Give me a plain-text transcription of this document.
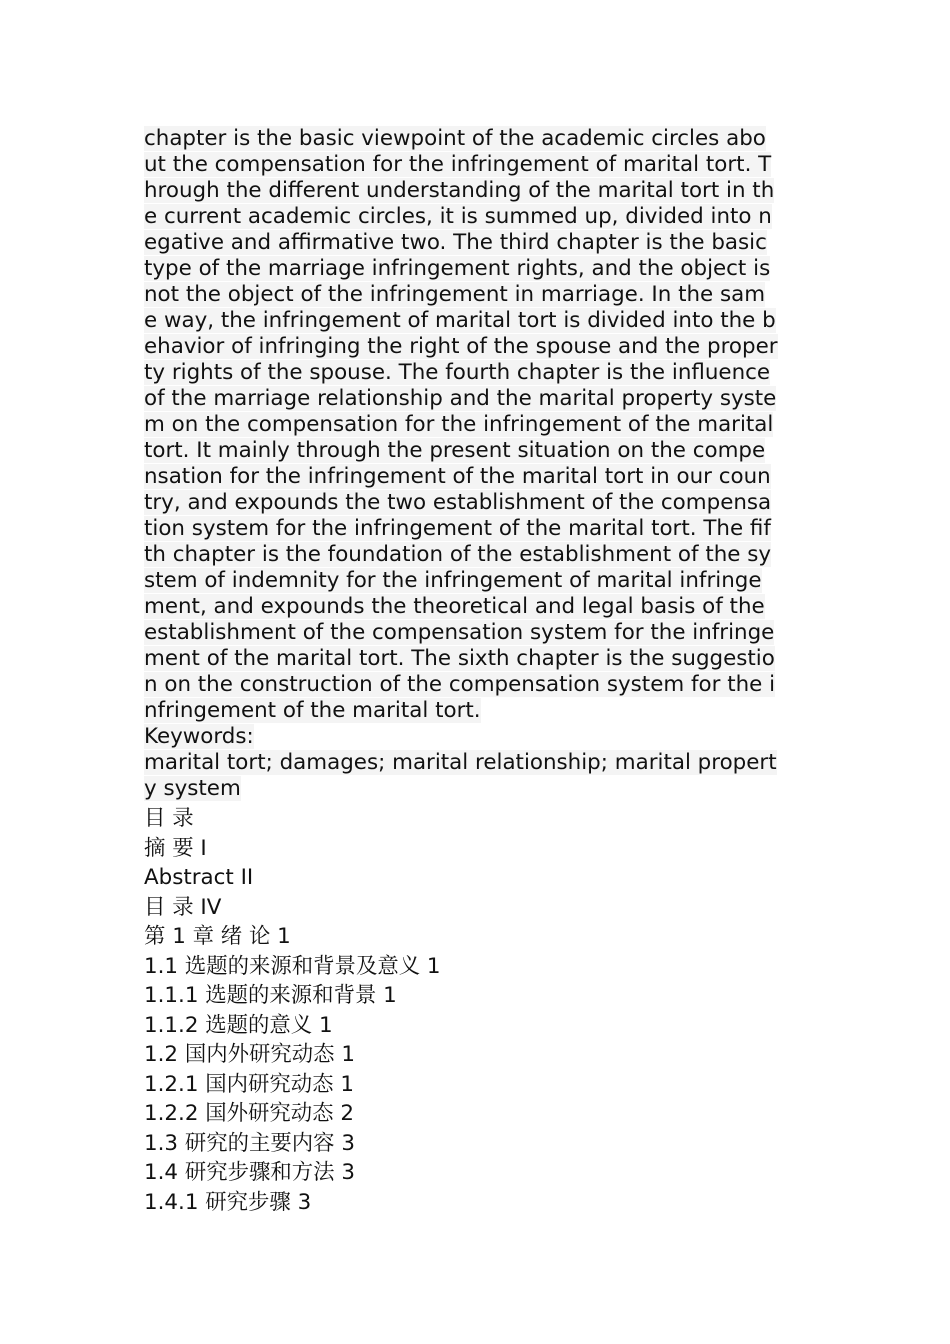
chapter is the basic viewpoint of the academic circles abo
ut the compensation for the infringement of marital tort. T
hrough the different understanding of the marital tort in th
e current academic circles, it is summed up, divided into n
egative and affirmative two. The third chapter is the basic
type of the marriage infringement rights, and the object is
not the object of the infringement in marriage. In the sam
e way, the infringement of marital tort is divided into the b
ehavior of infringing the right of the spouse and the proper
ty rights of the spouse. The fourth chapter is the influence
of the marriage relationship and the marital property syste
m on the compensation for the infringement of the marital
tort. It mainly through the present situation on the compe
nsation for the infringement of the marital tort in our coun
try, and expounds the two establishment of the compensa
tion system for the infringement of the marital tort. The fif
th chapter is the foundation of the establishment of the sy
stem of indemnity for the infringement of marital infringe
ment, and expounds the theoretical and legal basis of the
establishment of the compensation system for the infringe
ment of the marital tort. The sixth chapter is the suggestio
n on the construction of the compensation system for the i
nfringement of the marital tort.
Keywords:
marital tort; damages; marital relationship; marital propert
y system
目 录
摘 要 I
Abstract II
目 录 IV
第 1 章 绪 论 1
1.1 选题的来源和背景及意义 1
1.1.1 选题的来源和背景 1
1.1.2 选题的意义 1
1.2 国内外研究动态 1
1.2.1 国内研究动态 1
1.2.2 国外研究动态 2
1.3 研究的主要内容 3
1.4 研究步骤和方法 3
1.4.1 研究步骤 3
